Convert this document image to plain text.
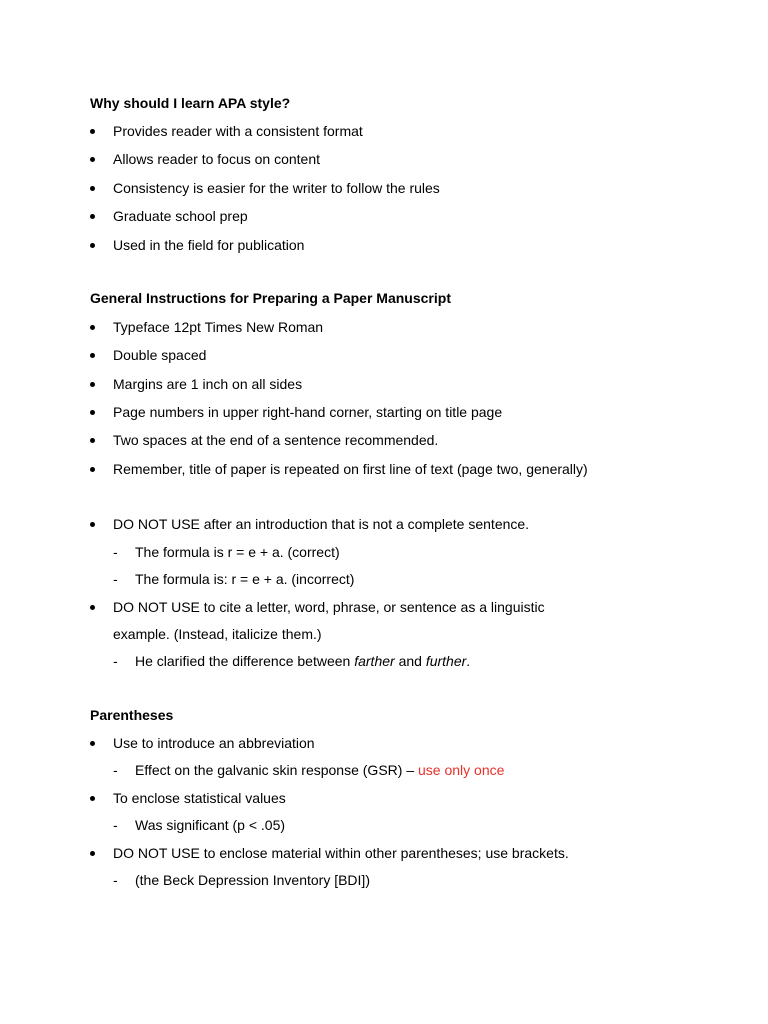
Why should I learn APA style?
Provides reader with a consistent format
Allows reader to focus on content
Consistency is easier for the writer to follow the rules
Graduate school prep
Used in the field for publication
General Instructions for Preparing a Paper Manuscript
Typeface 12pt Times New Roman
Double spaced
Margins are 1 inch on all sides
Page numbers in upper right-hand corner, starting on title page
Two spaces at the end of a sentence recommended.
Remember, title of paper is repeated on first line of text (page two, generally)
DO NOT USE after an introduction that is not a complete sentence.
- The formula is r = e + a. (correct)
- The formula is: r = e + a. (incorrect)
DO NOT USE to cite a letter, word, phrase, or sentence as a linguistic
example. (Instead, italicize them.)
- He clarified the difference between farther and further.
Parentheses
Use to introduce an abbreviation
- Effect on the galvanic skin response (GSR) – use only once
To enclose statistical values
- Was significant (p < .05)
DO NOT USE to enclose material within other parentheses; use brackets.
- (the Beck Depression Inventory [BDI])
